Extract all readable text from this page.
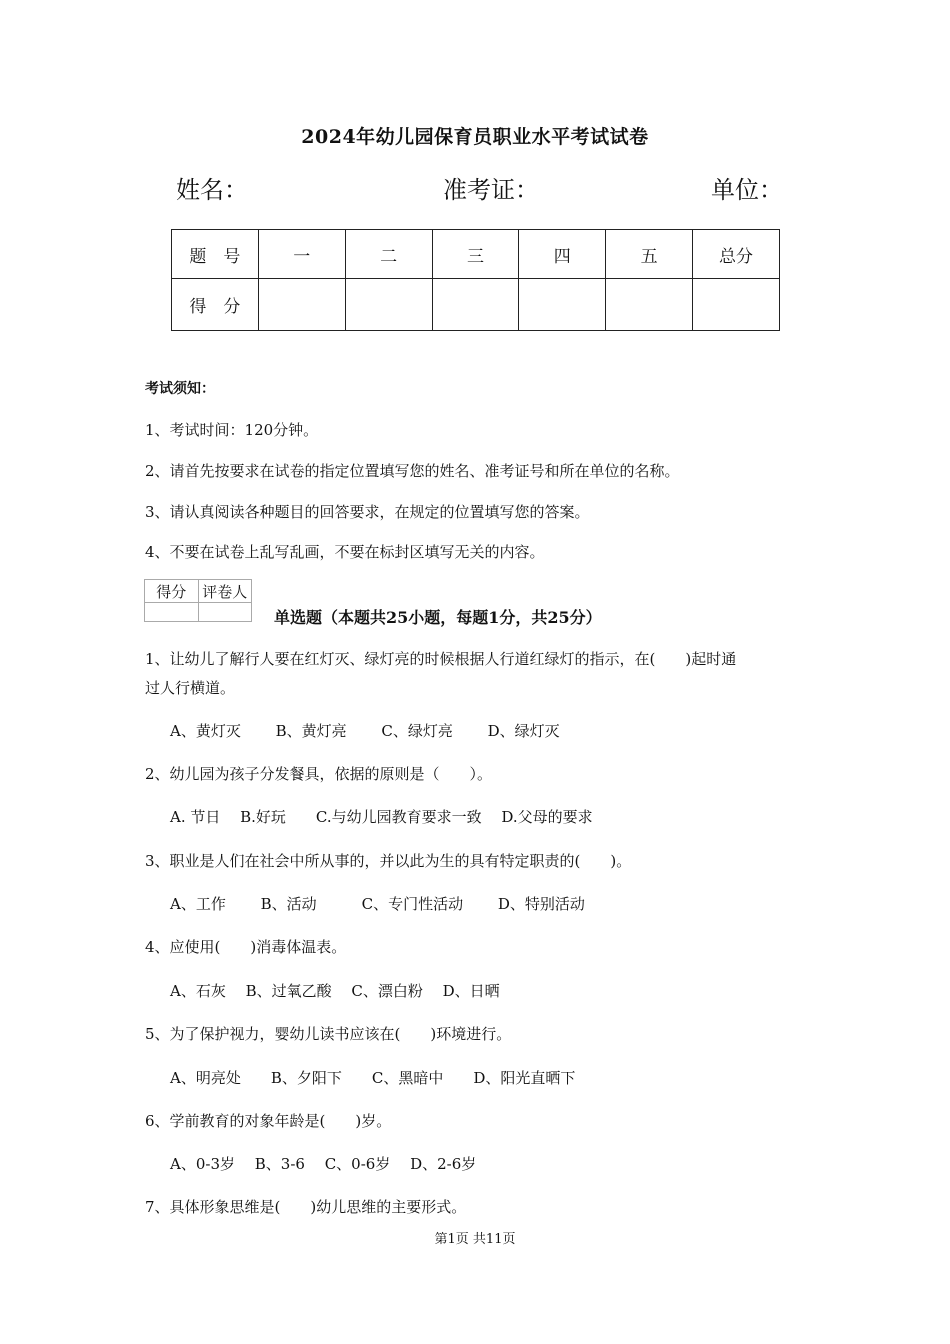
2024年幼儿园保育员职业水平考试试卷
姓名：	准考证：	单位：
题　号	一	二	三	四	五	总分
得　分						
考试须知：
1、考试时间：120分钟。
2、请首先按要求在试卷的指定位置填写您的姓名、准考证号和所在单位的名称。
3、请认真阅读各种题目的回答要求，在规定的位置填写您的答案。
4、不要在试卷上乱写乱画，不要在标封区填写无关的内容。
得分	评卷人

单选题（本题共25小题，每题1分，共25分）
1、让幼儿了解行人要在红灯灭、绿灯亮的时候根据人行道红绿灯的指示，在(　　)起时通
过人行横道。
A、黄灯灭　　 B、黄灯亮　　 C、绿灯亮　　 D、绿灯灭
2、幼儿园为孩子分发餐具，依据的原则是（　　）。
A. 节日　 B.好玩　　C.与幼儿园教育要求一致　 D.父母的要求
3、职业是人们在社会中所从事的，并以此为生的具有特定职责的(　　)。
A、工作　　 B、活动　　　C、专门性活动　　 D、特别活动
4、应使用(　　)消毒体温表。
A、石灰　 B、过氧乙酸　 C、漂白粉　 D、日晒
5、为了保护视力，婴幼儿读书应该在(　　)环境进行。
A、明亮处　　B、夕阳下　　C、黑暗中　　D、阳光直晒下
6、学前教育的对象年龄是(　　)岁。
A、0-3岁　 B、3-6　 C、0-6岁　 D、2-6岁
7、具体形象思维是(　　)幼儿思维的主要形式。
第1页 共11页
